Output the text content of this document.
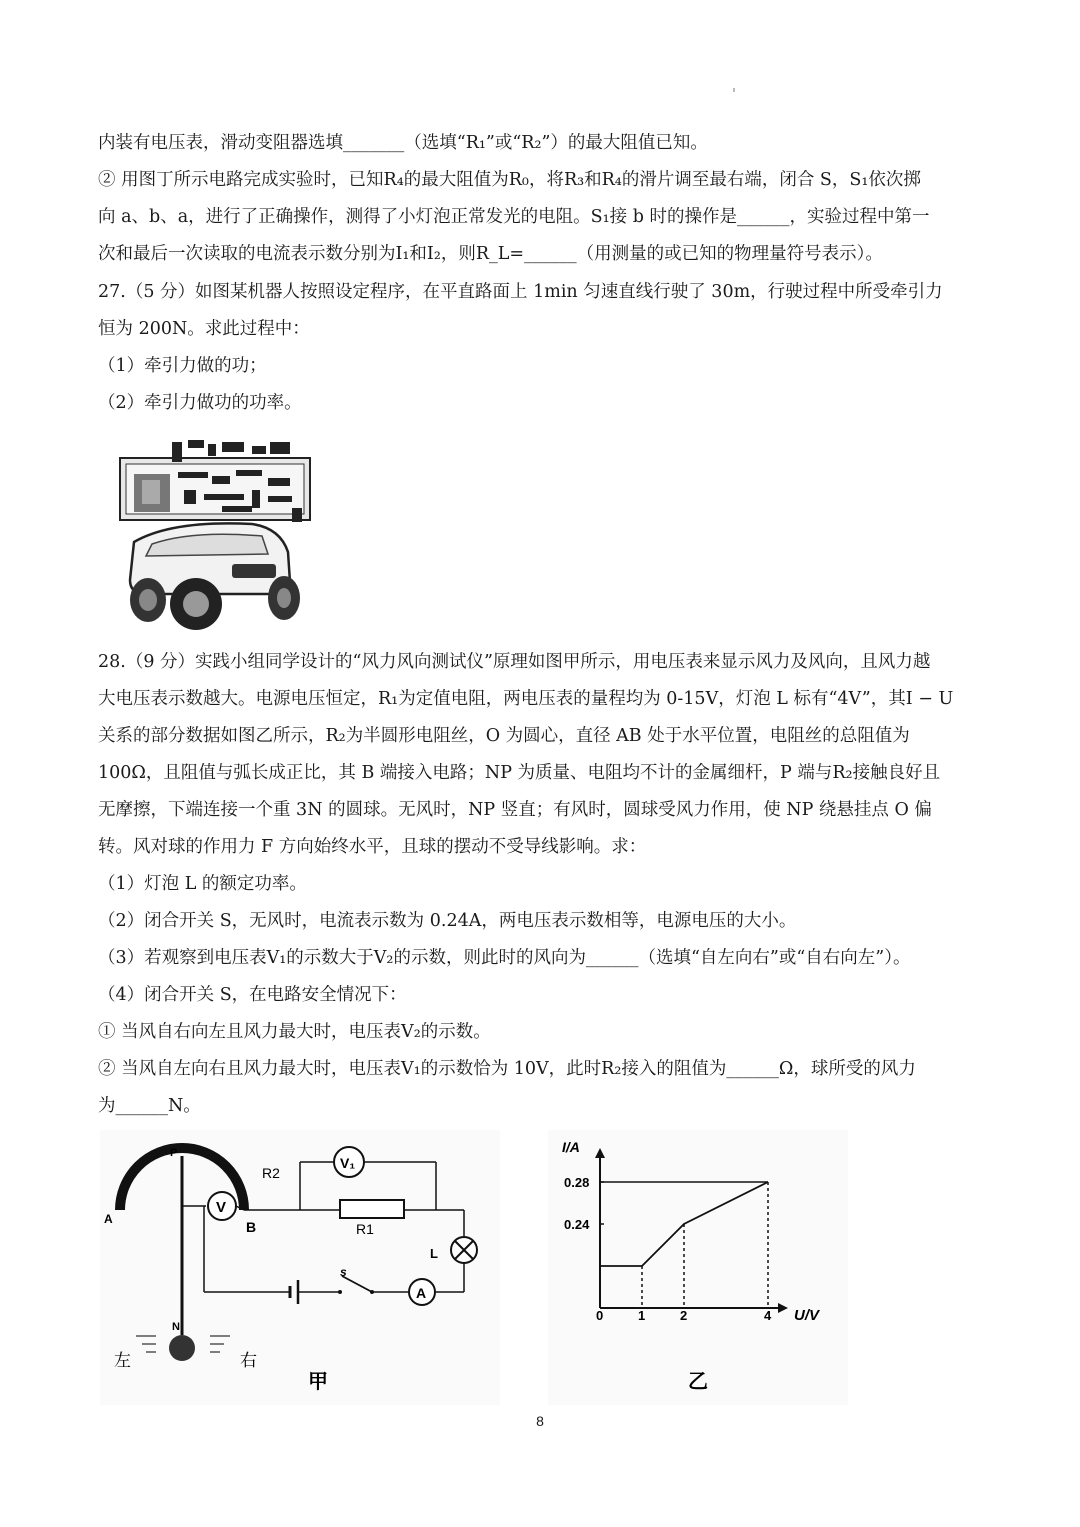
内装有电压表，滑动变阻器选填_______（选填“R₁”或“R₂”）的最大阻值已知。
② 用图丁所示电路完成实验时，已知R₄的最大阻值为R₀，将R₃和R₄的滑片调至最右端，闭合 S，S₁依次掷
向 a、b、a，进行了正确操作，测得了小灯泡正常发光的电阻。S₁接 b 时的操作是______，实验过程中第一
次和最后一次读取的电流表示数分别为I₁和I₂，则R_L=______（用测量的或已知的物理量符号表示）。
27.（5 分）如图某机器人按照设定程序，在平直路面上 1min 匀速直线行驶了 30m，行驶过程中所受牵引力
恒为 200N。求此过程中：
（1）牵引力做的功；
（2）牵引力做功的功率。
28.（9 分）实践小组同学设计的“风力风向测试仪”原理如图甲所示，用电压表来显示风力及风向，且风力越
大电压表示数越大。电源电压恒定，R₁为定值电阻，两电压表的量程均为 0-15V，灯泡 L 标有“4V”，其I − U
关系的部分数据如图乙所示，R₂为半圆形电阻丝，O 为圆心，直径 AB 处于水平位置，电阻丝的总阻值为
100Ω，且阻值与弧长成正比，其 B 端接入电路；NP 为质量、电阻均不计的金属细杆，P 端与R₂接触良好且
无摩擦，下端连接一个重 3N 的圆球。无风时，NP 竖直；有风时，圆球受风力作用，使 NP 绕悬挂点 O 偏
转。风对球的作用力 F 方向始终水平，且球的摆动不受导线影响。求：
（1）灯泡 L 的额定功率。
（2）闭合开关 S，无风时，电流表示数为 0.24A，两电压表示数相等，电源电压的大小。
（3）若观察到电压表V₁的示数大于V₂的示数，则此时的风向为______（选填“自左向右”或“自右向左”）。
（4）闭合开关 S，在电路安全情况下：
① 当风自右向左且风力最大时，电压表V₂的示数。
② 当风自左向右且风力最大时，电压表V₁的示数恰为 10V，此时R₂接入的阻值为______Ω，球所受的风力
为______N。
A
P
R2
B
V
V₁
R1
L
A
s
N
左	右
甲
I/A
U/V
0.24
0.28
0	1	2	4
乙
8
